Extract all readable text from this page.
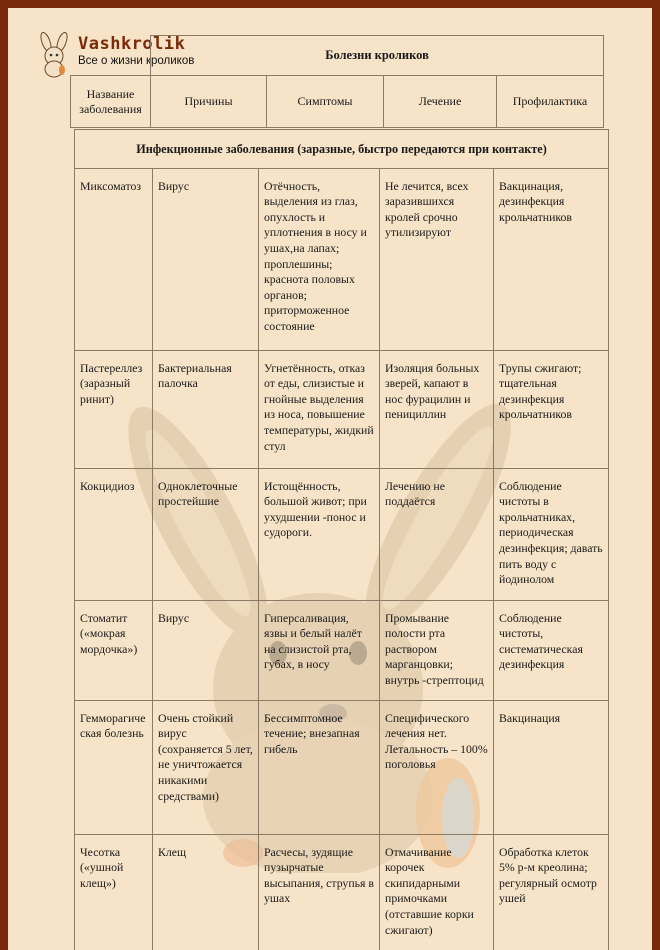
Vashkrolik
Все о жизни кроликов
		Болезни кроликов			
Название заболевания	Причины	Симптомы	Лечение	Профилактика
Инфекционные заболевания (заразные, быстро передаются при контакте)				
Миксоматоз	Вирус	Отёчность, выделения из глаз, опухлость и уплотнения в носу и ушах,на лапах; проплешины; краснота половых органов; приторможенное состояние	Не лечится, всех заразившихся кролей срочно утилизируют	Вакцинация, дезинфекция крольчатников
Пастереллез (заразный ринит)	Бактериальная палочка	Угнетённость, отказ от еды, слизистые и гнойные выделения из носа, повышение температуры, жидкий стул	Изоляция больных зверей, капают в нос фурацилин и пенициллин	Трупы сжигают; тщательная дезинфекция крольчатников
Кокцидиоз	Одноклеточные простейшие	Истощённость, большой живот; при ухудшении -понос и судороги.	Лечению не поддаётся	Соблюдение чистоты в крольчатниках, периодическая дезинфекция; давать пить воду с йодинолом
Стоматит («мокрая мордочка»)	Вирус	Гиперсаливация, язвы и белый налёт на слизистой рта, губах, в носу	Промывание полости рта раствором марганцовки; внутрь -стрептоцид	Соблюдение чистоты, систематическая дезинфекция
Гемморагическая болезнь	Очень стойкий вирус (сохраняется 5 лет, не уничтожается никакими средствами)	Бессимптомное течение; внезапная гибель	Специфического лечения нет. Летальность – 100% поголовья	Вакцинация
Чесотка («ушной клещ»)	Клещ	Расчесы, зудящие пузырчатые высыпания, струпья в ушах	Отмачивание корочек скипидарными примочками (отставшие корки сжигают)	Обработка клеток 5% р-м креолина; регулярный осмотр ушей
